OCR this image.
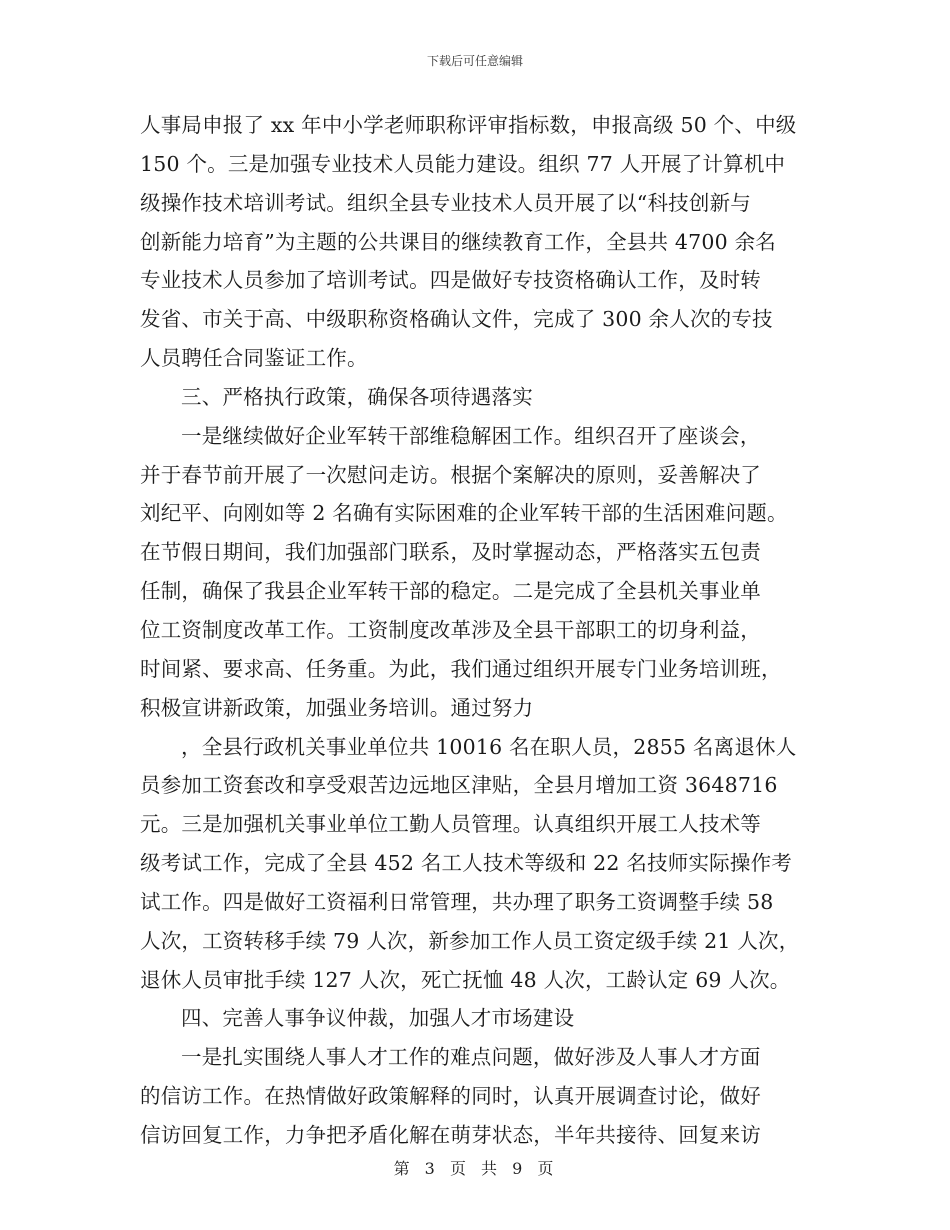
下载后可任意编辑
人事局申报了 xx 年中小学老师职称评审指标数，申报高级 50 个、中级
150 个。三是加强专业技术人员能力建设。组织 77 人开展了计算机中
级操作技术培训考试。组织全县专业技术人员开展了以“科技创新与
创新能力培育”为主题的公共课目的继续教育工作，全县共 4700 余名
专业技术人员参加了培训考试。四是做好专技资格确认工作，及时转
发省、市关于高、中级职称资格确认文件，完成了 300 余人次的专技
人员聘任合同鉴证工作。
三、严格执行政策，确保各项待遇落实
一是继续做好企业军转干部维稳解困工作。组织召开了座谈会，
并于春节前开展了一次慰问走访。根据个案解决的原则，妥善解决了
刘纪平、向刚如等 2 名确有实际困难的企业军转干部的生活困难问题。
在节假日期间，我们加强部门联系，及时掌握动态，严格落实五包责
任制，确保了我县企业军转干部的稳定。二是完成了全县机关事业单
位工资制度改革工作。工资制度改革涉及全县干部职工的切身利益，
时间紧、要求高、任务重。为此，我们通过组织开展专门业务培训班，
积极宣讲新政策，加强业务培训。通过努力
，全县行政机关事业单位共 10016 名在职人员，2855 名离退休人
员参加工资套改和享受艰苦边远地区津贴，全县月增加工资 3648716
元。三是加强机关事业单位工勤人员管理。认真组织开展工人技术等
级考试工作，完成了全县 452 名工人技术等级和 22 名技师实际操作考
试工作。四是做好工资福利日常管理，共办理了职务工资调整手续 58
人次，工资转移手续 79 人次，新参加工作人员工资定级手续 21 人次，
退休人员审批手续 127 人次，死亡抚恤 48 人次，工龄认定 69 人次。
四、完善人事争议仲裁，加强人才市场建设
一是扎实围绕人事人才工作的难点问题，做好涉及人事人才方面
的信访工作。在热情做好政策解释的同时，认真开展调查讨论，做好
信访回复工作，力争把矛盾化解在萌芽状态，半年共接待、回复来访
第 3 页 共 9 页
